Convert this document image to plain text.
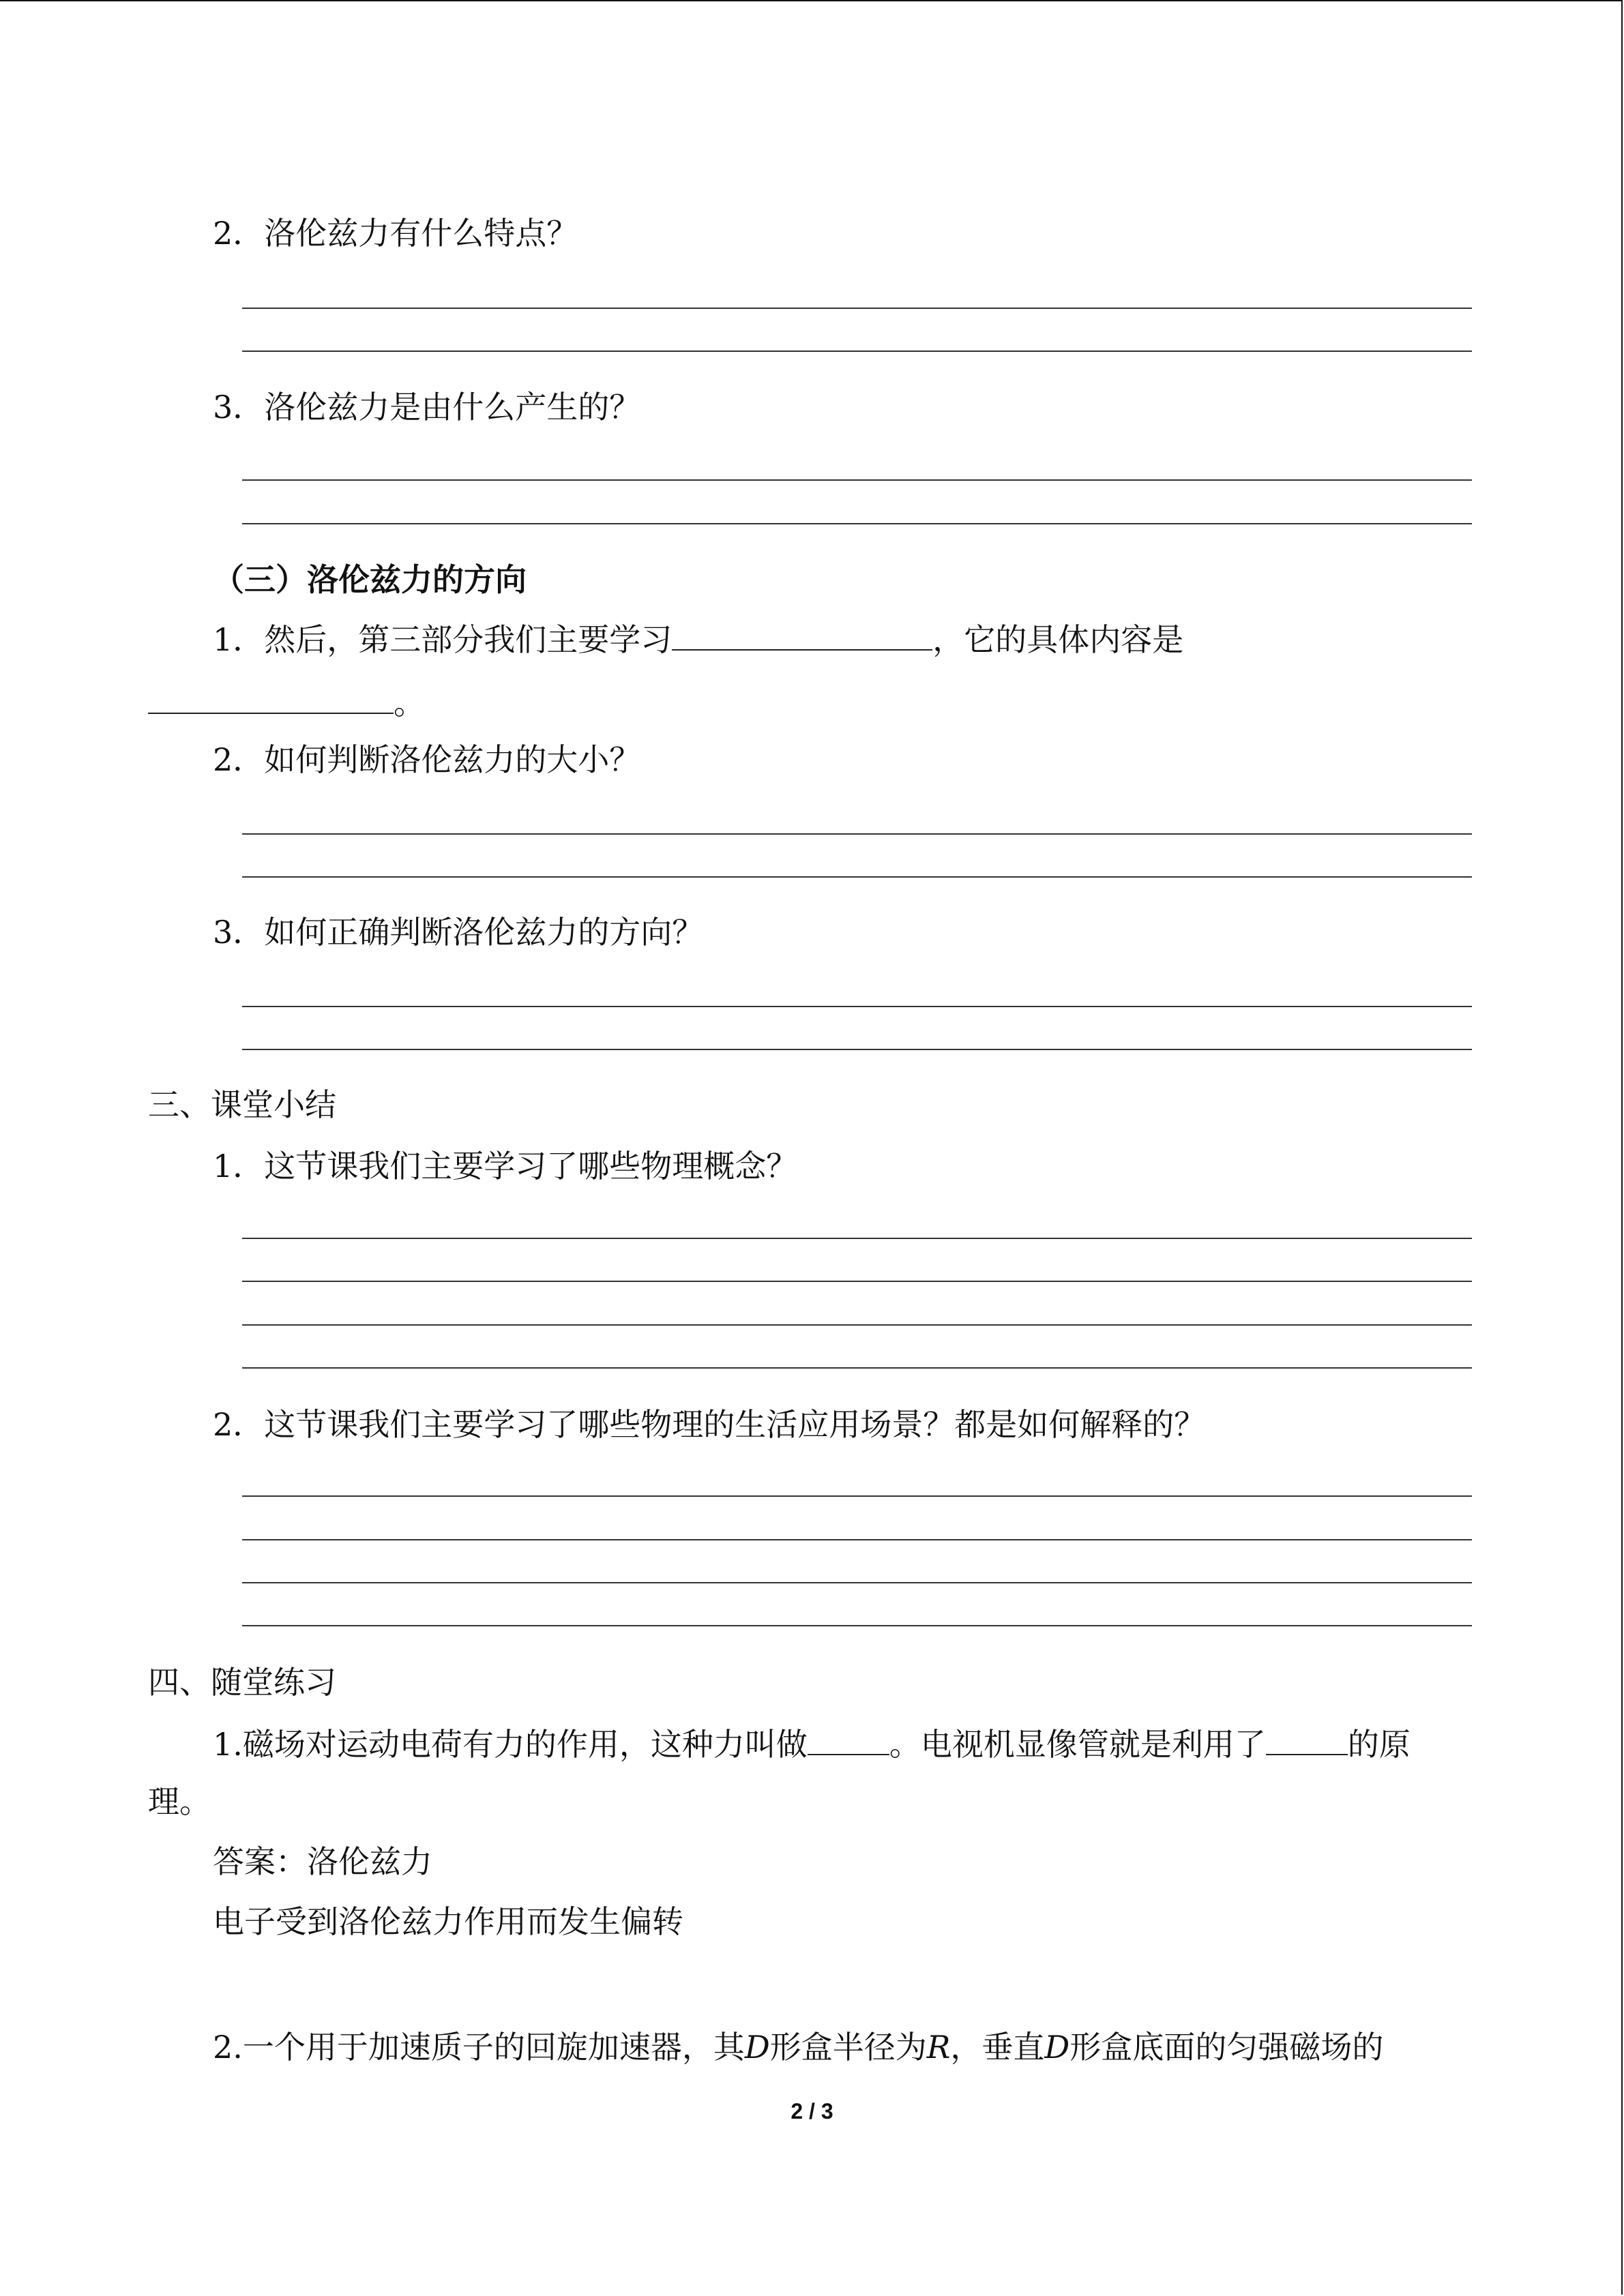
2．洛伦兹力有什么特点？
3．洛伦兹力是由什么产生的？
（三）洛伦兹力的方向
1．然后，第三部分我们主要学习	，它的具体内容是
。
2．如何判断洛伦兹力的大小？
3．如何正确判断洛伦兹力的方向？
三、课堂小结
1．这节课我们主要学习了哪些物理概念？
2．这节课我们主要学习了哪些物理的生活应用场景？都是如何解释的？
四、随堂练习
1.磁场对运动电荷有力的作用，这种力叫做	。电视机显像管就是利用了	的原
理。
答案：洛伦兹力
电子受到洛伦兹力作用而发生偏转
2.一个用于加速质子的回旋加速器，其D形盒半径为R，垂直D形盒底面的匀强磁场的
2 / 3
